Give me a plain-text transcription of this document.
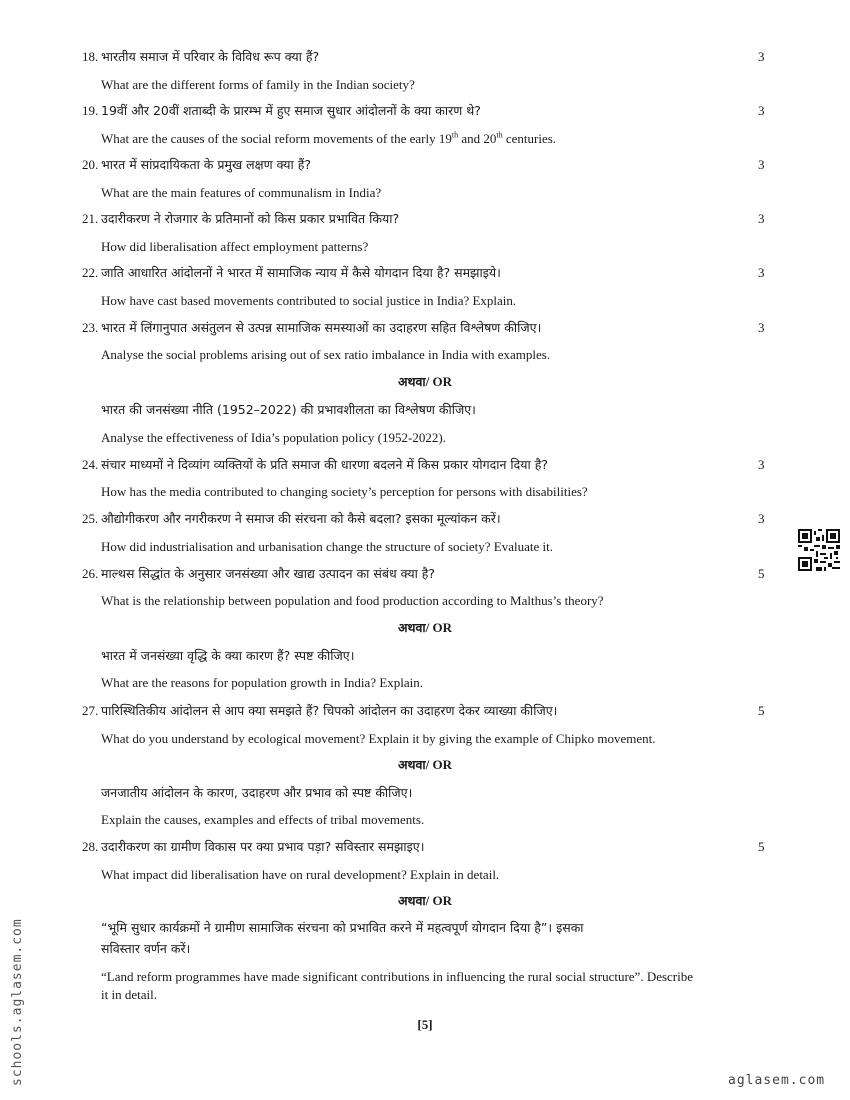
18. भारतीय समाज में परिवार के विविध रूप क्या हैं?	3
What are the different forms of family in the Indian society?
19. 19वीं और 20वीं शताब्दी के प्रारम्भ में हुए समाज सुधार आंदोलनों के क्या कारण थे?	3
What are the causes of the social reform movements of the early 19th and 20th centuries.
20. भारत में सांप्रदायिकता के प्रमुख लक्षण क्या हैं?	3
What are the main features of communalism in India?
21. उदारीकरण ने रोजगार के प्रतिमानों को किस प्रकार प्रभावित किया?	3
How did liberalisation affect employment patterns?
22. जाति आधारित आंदोलनों ने भारत में सामाजिक न्याय में कैसे योगदान दिया है? समझाइये।	3
How have cast based movements contributed to social justice in India? Explain.
23. भारत में लिंगानुपात असंतुलन से उत्पन्न सामाजिक समस्याओं का उदाहरण सहित विश्लेषण कीजिए।	3
Analyse the social problems arising out of sex ratio imbalance in India with examples.
अथवा/ OR
भारत की जनसंख्या नीति (1952–2022) की प्रभावशीलता का विश्लेषण कीजिए।
Analyse the effectiveness of Idia’s population policy (1952-2022).
24. संचार माध्यमों ने दिव्यांग व्यक्तियों के प्रति समाज की धारणा बदलने में किस प्रकार योगदान दिया है?	3
How has the media contributed to changing society’s perception for persons with disabilities?
25. औद्योगीकरण और नगरीकरण ने समाज की संरचना को कैसे बदला? इसका मूल्यांकन करें।	3
How did industrialisation and urbanisation change the structure of society? Evaluate it.
26. माल्थस सिद्धांत के अनुसार जनसंख्या और खाद्य उत्पादन का संबंध क्या है?	5
What is the relationship between population and food production according to Malthus’s theory?
अथवा/ OR
भारत में जनसंख्या वृद्धि के क्या कारण हैं? स्पष्ट कीजिए।
What are the reasons for population growth in India? Explain.
27. पारिस्थितिकीय आंदोलन से आप क्या समझते हैं? चिपको आंदोलन का उदाहरण देकर व्याख्या कीजिए।	5
What do you understand by ecological movement? Explain it by giving the example of Chipko movement.
अथवा/ OR
जनजातीय आंदोलन के कारण, उदाहरण और प्रभाव को स्पष्ट कीजिए।
Explain the causes, examples and effects of tribal movements.
28. उदारीकरण का ग्रामीण विकास पर क्या प्रभाव पड़ा? सविस्तार समझाइए।	5
What impact did liberalisation have on rural development? Explain in detail.
अथवा/ OR
“भूमि सुधार कार्यक्रमों ने ग्रामीण सामाजिक संरचना को प्रभावित करने में महत्वपूर्ण योगदान दिया है”। इसका
सविस्तार वर्णन करें।
“Land reform programmes have made significant contributions in influencing the rural social structure”. Describe
it in detail.
[5]
schools.aglasem.com	aglasem.com
